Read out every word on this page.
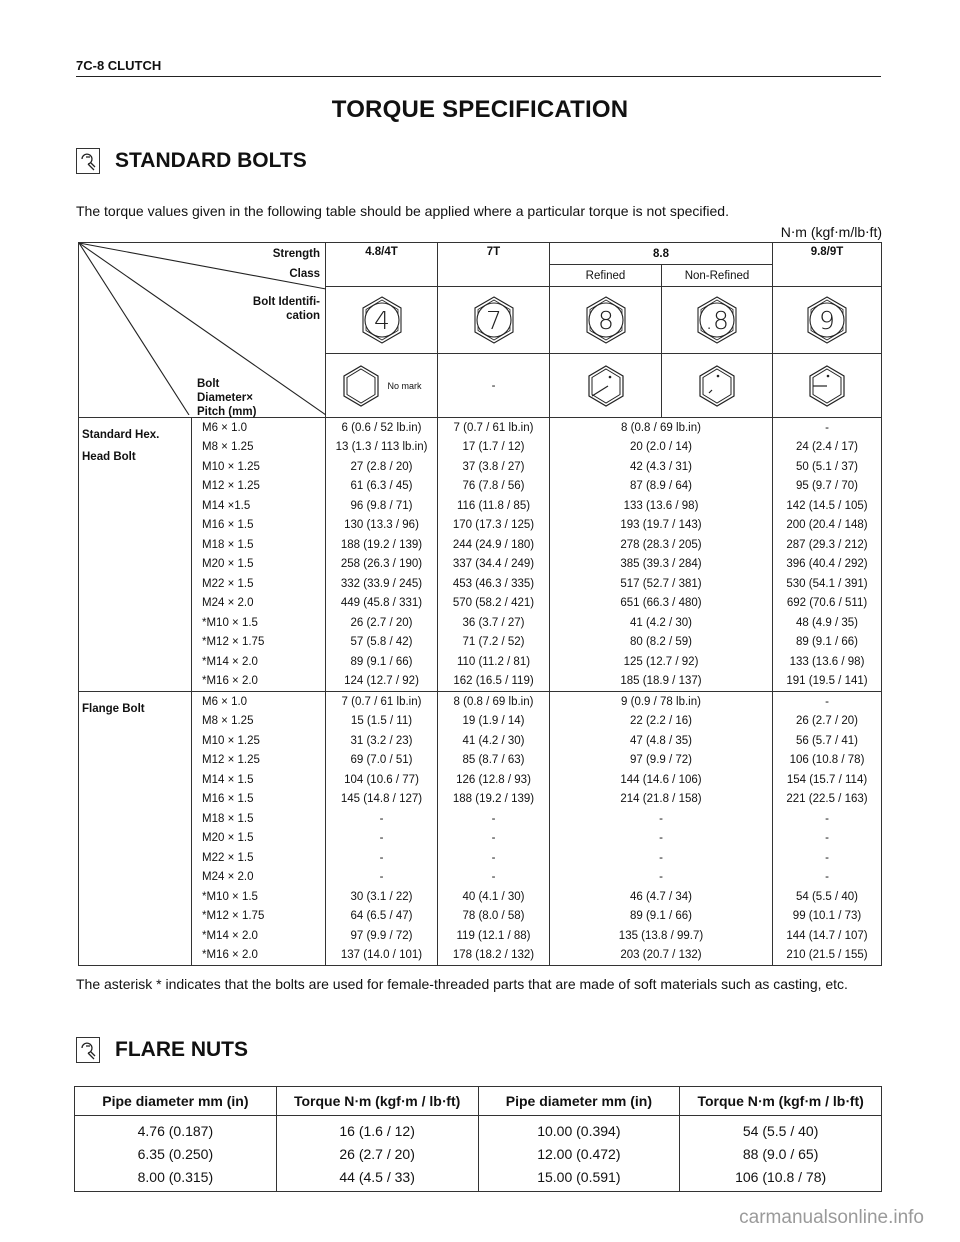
7C-8 CLUTCH
TORQUE SPECIFICATION
STANDARD BOLTS
The torque values given in the following table should be applied where a particular torque is not specified.
N⋅m (kgf⋅m/lb⋅ft)
Strength
Class
Bolt Identifi-
cation
Bolt
Diameter×
Pitch (mm)
	4.8/4T	7T	8.8	9.8/9T
				Refined	Non-Refined	

4	7	8	.8	9

		No mark	-	

Standard Hex.
Head Bolt	M6 × 1.0	6 (0.6 / 52 lb.in)	7 (0.7 / 61 lb.in)	8 (0.8 / 69 lb.in)		-
	M8 × 1.25	13 (1.3 / 113 lb.in)	17 (1.7 / 12)	20 (2.0 / 14)		24 (2.4 / 17)
	M10 × 1.25	27 (2.8 / 20)	37 (3.8 / 27)	42 (4.3 / 31)		50 (5.1 / 37)
	M12 × 1.25	61 (6.3 / 45)	76 (7.8 / 56)	87 (8.9 / 64)		95 (9.7 / 70)
	M14 ×1.5	96 (9.8 / 71)	116 (11.8 / 85)	133 (13.6 / 98)		142 (14.5 / 105)
	M16 × 1.5	130 (13.3 / 96)	170 (17.3 / 125)	193 (19.7 / 143)		200 (20.4 / 148)
	M18 × 1.5	188 (19.2 / 139)	244 (24.9 / 180)	278 (28.3 / 205)		287 (29.3 / 212)
	M20 × 1.5	258 (26.3 / 190)	337 (34.4 / 249)	385 (39.3 / 284)		396 (40.4 / 292)
	M22 × 1.5	332 (33.9 / 245)	453 (46.3 / 335)	517 (52.7 / 381)		530 (54.1 / 391)
	M24 × 2.0	449 (45.8 / 331)	570 (58.2 / 421)	651 (66.3 / 480)		692 (70.6 / 511)
	*M10 × 1.5	26 (2.7 / 20)	36 (3.7 / 27)	41 (4.2 / 30)		48 (4.9 / 35)
	*M12 × 1.75	57 (5.8 / 42)	71 (7.2 / 52)	80 (8.2 / 59)		89 (9.1 / 66)
	*M14 × 2.0	89 (9.1 / 66)	110 (11.2 / 81)	125 (12.7 / 92)		133 (13.6 / 98)
	*M16 × 2.0	124 (12.7 / 92)	162 (16.5 / 119)	185 (18.9 / 137)		191 (19.5 / 141)

Flange Bolt	M6 × 1.0	7 (0.7 / 61 lb.in)	8 (0.8 / 69 lb.in)	9 (0.9 / 78 lb.in)		-
	M8 × 1.25	15 (1.5 / 11)	19 (1.9 / 14)	22 (2.2 / 16)		26 (2.7 / 20)
	M10 × 1.25	31 (3.2 / 23)	41 (4.2 / 30)	47 (4.8 / 35)		56 (5.7 / 41)
	M12 × 1.25	69 (7.0 / 51)	85 (8.7 / 63)	97 (9.9 / 72)		106 (10.8 / 78)
	M14 × 1.5	104 (10.6 / 77)	126 (12.8 / 93)	144 (14.6 / 106)		154 (15.7 / 114)
	M16 × 1.5	145 (14.8 / 127)	188 (19.2 / 139)	214 (21.8 / 158)		221 (22.5 / 163)
	M18 × 1.5	-	-	-		-
	M20 × 1.5	-	-	-		-
	M22 × 1.5	-	-	-		-
	M24 × 2.0	-	-	-		-
	*M10 × 1.5	30 (3.1 / 22)	40 (4.1 / 30)	46 (4.7 / 34)		54 (5.5 / 40)
	*M12 × 1.75	64 (6.5 / 47)	78 (8.0 / 58)	89 (9.1 / 66)		99 (10.1 / 73)
	*M14 × 2.0	97 (9.9 / 72)	119 (12.1 / 88)	135 (13.8 / 99.7)		144 (14.7 / 107)
	*M16 × 2.0	137 (14.0 / 101)	178 (18.2 / 132)	203 (20.7 / 132)		210 (21.5 / 155)
The asterisk * indicates that the bolts are used for female-threaded parts that are made of soft materials such as casting, etc.
FLARE NUTS
Pipe diameter mm (in)	Torque N⋅m (kgf⋅m / lb⋅ft)	Pipe diameter mm (in)	Torque N⋅m (kgf⋅m / lb⋅ft)
4.76 (0.187)	16 (1.6 / 12)	10.00 (0.394)	54 (5.5 / 40)
6.35 (0.250)	26 (2.7 / 20)	12.00 (0.472)	88 (9.0 / 65)
8.00 (0.315)	44 (4.5 / 33)	15.00 (0.591)	106 (10.8 / 78)
carmanualsonline.info
